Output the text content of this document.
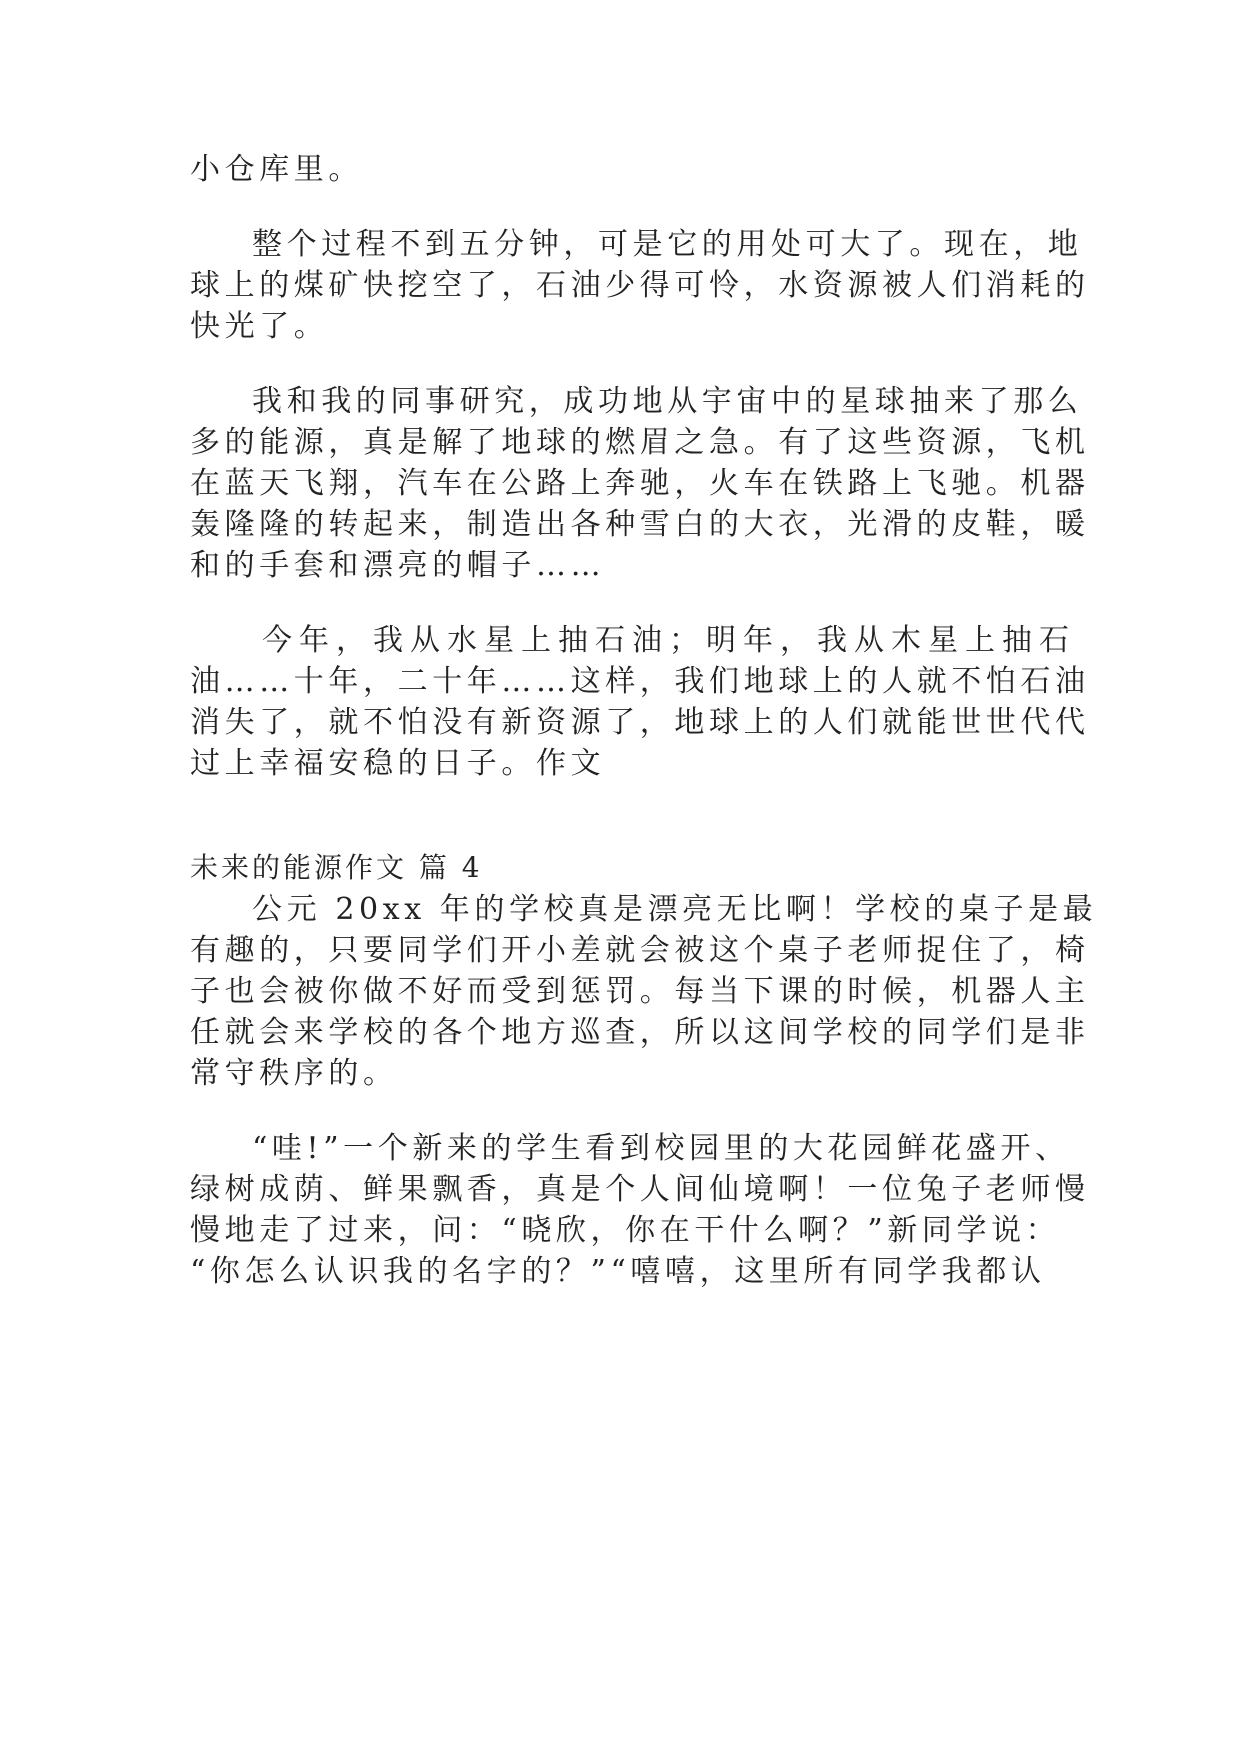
小仓库里。
整个过程不到五分钟，可是它的用处可大了。现在，地
球上的煤矿快挖空了，石油少得可怜，水资源被人们消耗的
快光了。
我和我的同事研究，成功地从宇宙中的星球抽来了那么
多的能源，真是解了地球的燃眉之急。有了这些资源，飞机
在蓝天飞翔，汽车在公路上奔驰，火车在铁路上飞驰。机器
轰隆隆的转起来，制造出各种雪白的大衣，光滑的皮鞋，暖
和的手套和漂亮的帽子……
今年，我从水星上抽石油；明年，我从木星上抽石
油……十年，二十年……这样，我们地球上的人就不怕石油
消失了，就不怕没有新资源了，地球上的人们就能世世代代
过上幸福安稳的日子。作文
未来的能源作文 篇 4
公元 20xx 年的学校真是漂亮无比啊！学校的桌子是最
有趣的，只要同学们开小差就会被这个桌子老师捉住了，椅
子也会被你做不好而受到惩罚。每当下课的时候，机器人主
任就会来学校的各个地方巡查，所以这间学校的同学们是非
常守秩序的。
“哇!”一个新来的学生看到校园里的大花园鲜花盛开、
绿树成荫、鲜果飘香，真是个人间仙境啊！一位兔子老师慢
慢地走了过来，问：“晓欣，你在干什么啊？”新同学说：
“你怎么认识我的名字的？”“嘻嘻，这里所有同学我都认
